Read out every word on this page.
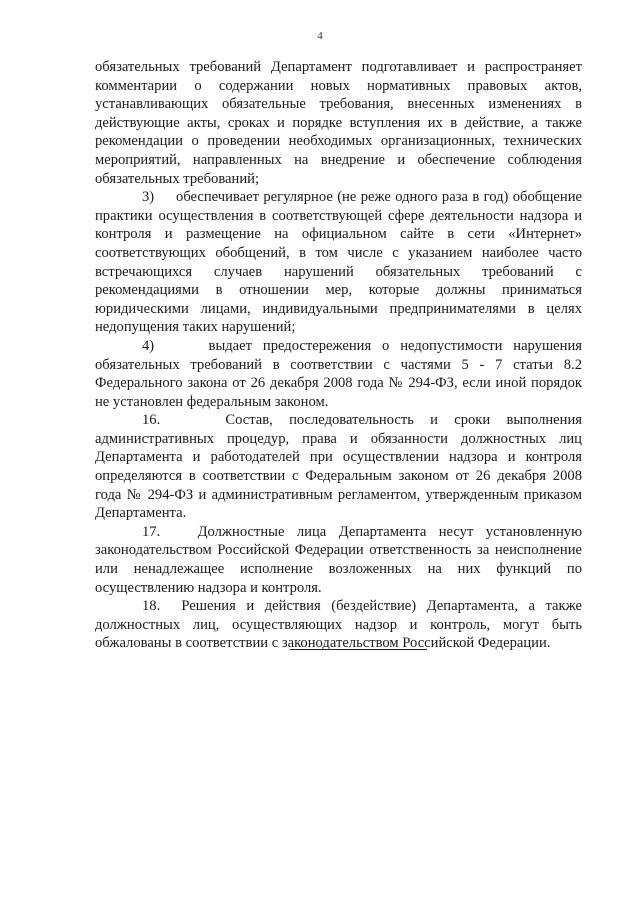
4

обязательных требований Департамент подготавливает и распространяет комментарии о содержании новых нормативных правовых актов, устанавливающих обязательные требования, внесенных изменениях в действующие акты, сроках и порядке вступления их в действие, а также рекомендации о проведении необходимых организационных, технических мероприятий, направленных на внедрение и обеспечение соблюдения обязательных требований;

3)     обеспечивает регулярное (не реже одного раза в год) обобщение практики осуществления в соответствующей сфере деятельности надзора и контроля и размещение на официальном сайте в сети «Интернет» соответствующих обобщений, в том числе с указанием наиболее часто встречающихся случаев нарушений обязательных требований с рекомендациями в отношении мер, которые должны приниматься юридическими лицами, индивидуальными предпринимателями в целях недопущения таких нарушений;

4)     выдает предостережения о недопустимости нарушения обязательных требований в соответствии с частями 5 - 7 статьи 8.2 Федерального закона от 26 декабря 2008 года № 294-ФЗ, если иной порядок не установлен федеральным законом.

16.    Состав, последовательность и сроки выполнения административных процедур, права и обязанности должностных лиц Департамента и работодателей при осуществлении надзора и контроля определяются в соответствии с Федеральным законом от 26 декабря 2008 года № 294-ФЗ и административным регламентом, утвержденным приказом Департамента.

17.   Должностные лица Департамента несут установленную законодательством Российской Федерации ответственность за неисполнение или ненадлежащее исполнение возложенных на них функций по осуществлению надзора и контроля.

18.  Решения и действия (бездействие) Департамента, а также должностных лиц, осуществляющих надзор и контроль, могут быть обжалованы в соответствии с законодательством Российской Федерации.
